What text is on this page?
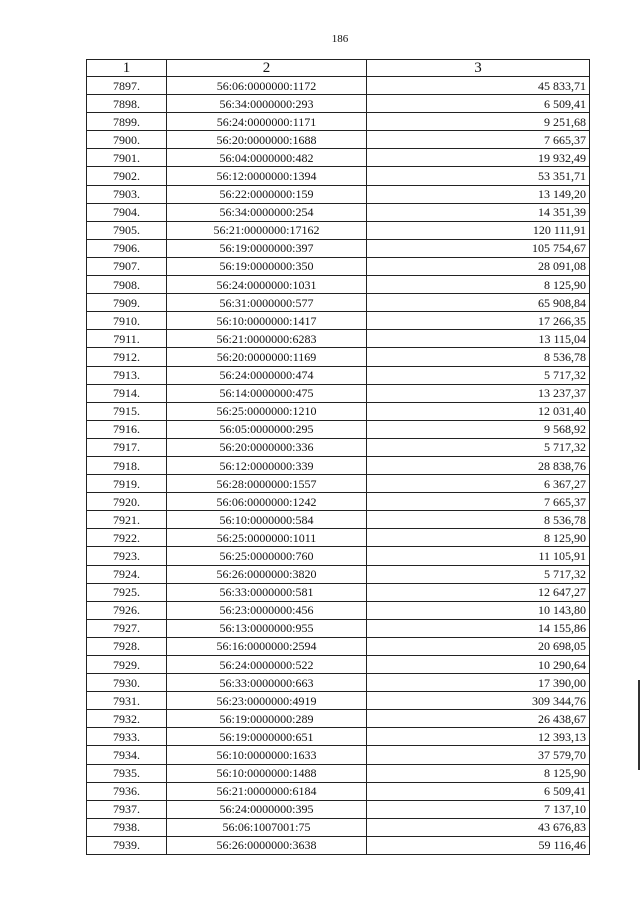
186
1	2	3
7897.	56:06:0000000:1172	45 833,71
7898.	56:34:0000000:293	6 509,41
7899.	56:24:0000000:1171	9 251,68
7900.	56:20:0000000:1688	7 665,37
7901.	56:04:0000000:482	19 932,49
7902.	56:12:0000000:1394	53 351,71
7903.	56:22:0000000:159	13 149,20
7904.	56:34:0000000:254	14 351,39
7905.	56:21:0000000:17162	120 111,91
7906.	56:19:0000000:397	105 754,67
7907.	56:19:0000000:350	28 091,08
7908.	56:24:0000000:1031	8 125,90
7909.	56:31:0000000:577	65 908,84
7910.	56:10:0000000:1417	17 266,35
7911.	56:21:0000000:6283	13 115,04
7912.	56:20:0000000:1169	8 536,78
7913.	56:24:0000000:474	5 717,32
7914.	56:14:0000000:475	13 237,37
7915.	56:25:0000000:1210	12 031,40
7916.	56:05:0000000:295	9 568,92
7917.	56:20:0000000:336	5 717,32
7918.	56:12:0000000:339	28 838,76
7919.	56:28:0000000:1557	6 367,27
7920.	56:06:0000000:1242	7 665,37
7921.	56:10:0000000:584	8 536,78
7922.	56:25:0000000:1011	8 125,90
7923.	56:25:0000000:760	11 105,91
7924.	56:26:0000000:3820	5 717,32
7925.	56:33:0000000:581	12 647,27
7926.	56:23:0000000:456	10 143,80
7927.	56:13:0000000:955	14 155,86
7928.	56:16:0000000:2594	20 698,05
7929.	56:24:0000000:522	10 290,64
7930.	56:33:0000000:663	17 390,00
7931.	56:23:0000000:4919	309 344,76
7932.	56:19:0000000:289	26 438,67
7933.	56:19:0000000:651	12 393,13
7934.	56:10:0000000:1633	37 579,70
7935.	56:10:0000000:1488	8 125,90
7936.	56:21:0000000:6184	6 509,41
7937.	56:24:0000000:395	7 137,10
7938.	56:06:1007001:75	43 676,83
7939.	56:26:0000000:3638	59 116,46
